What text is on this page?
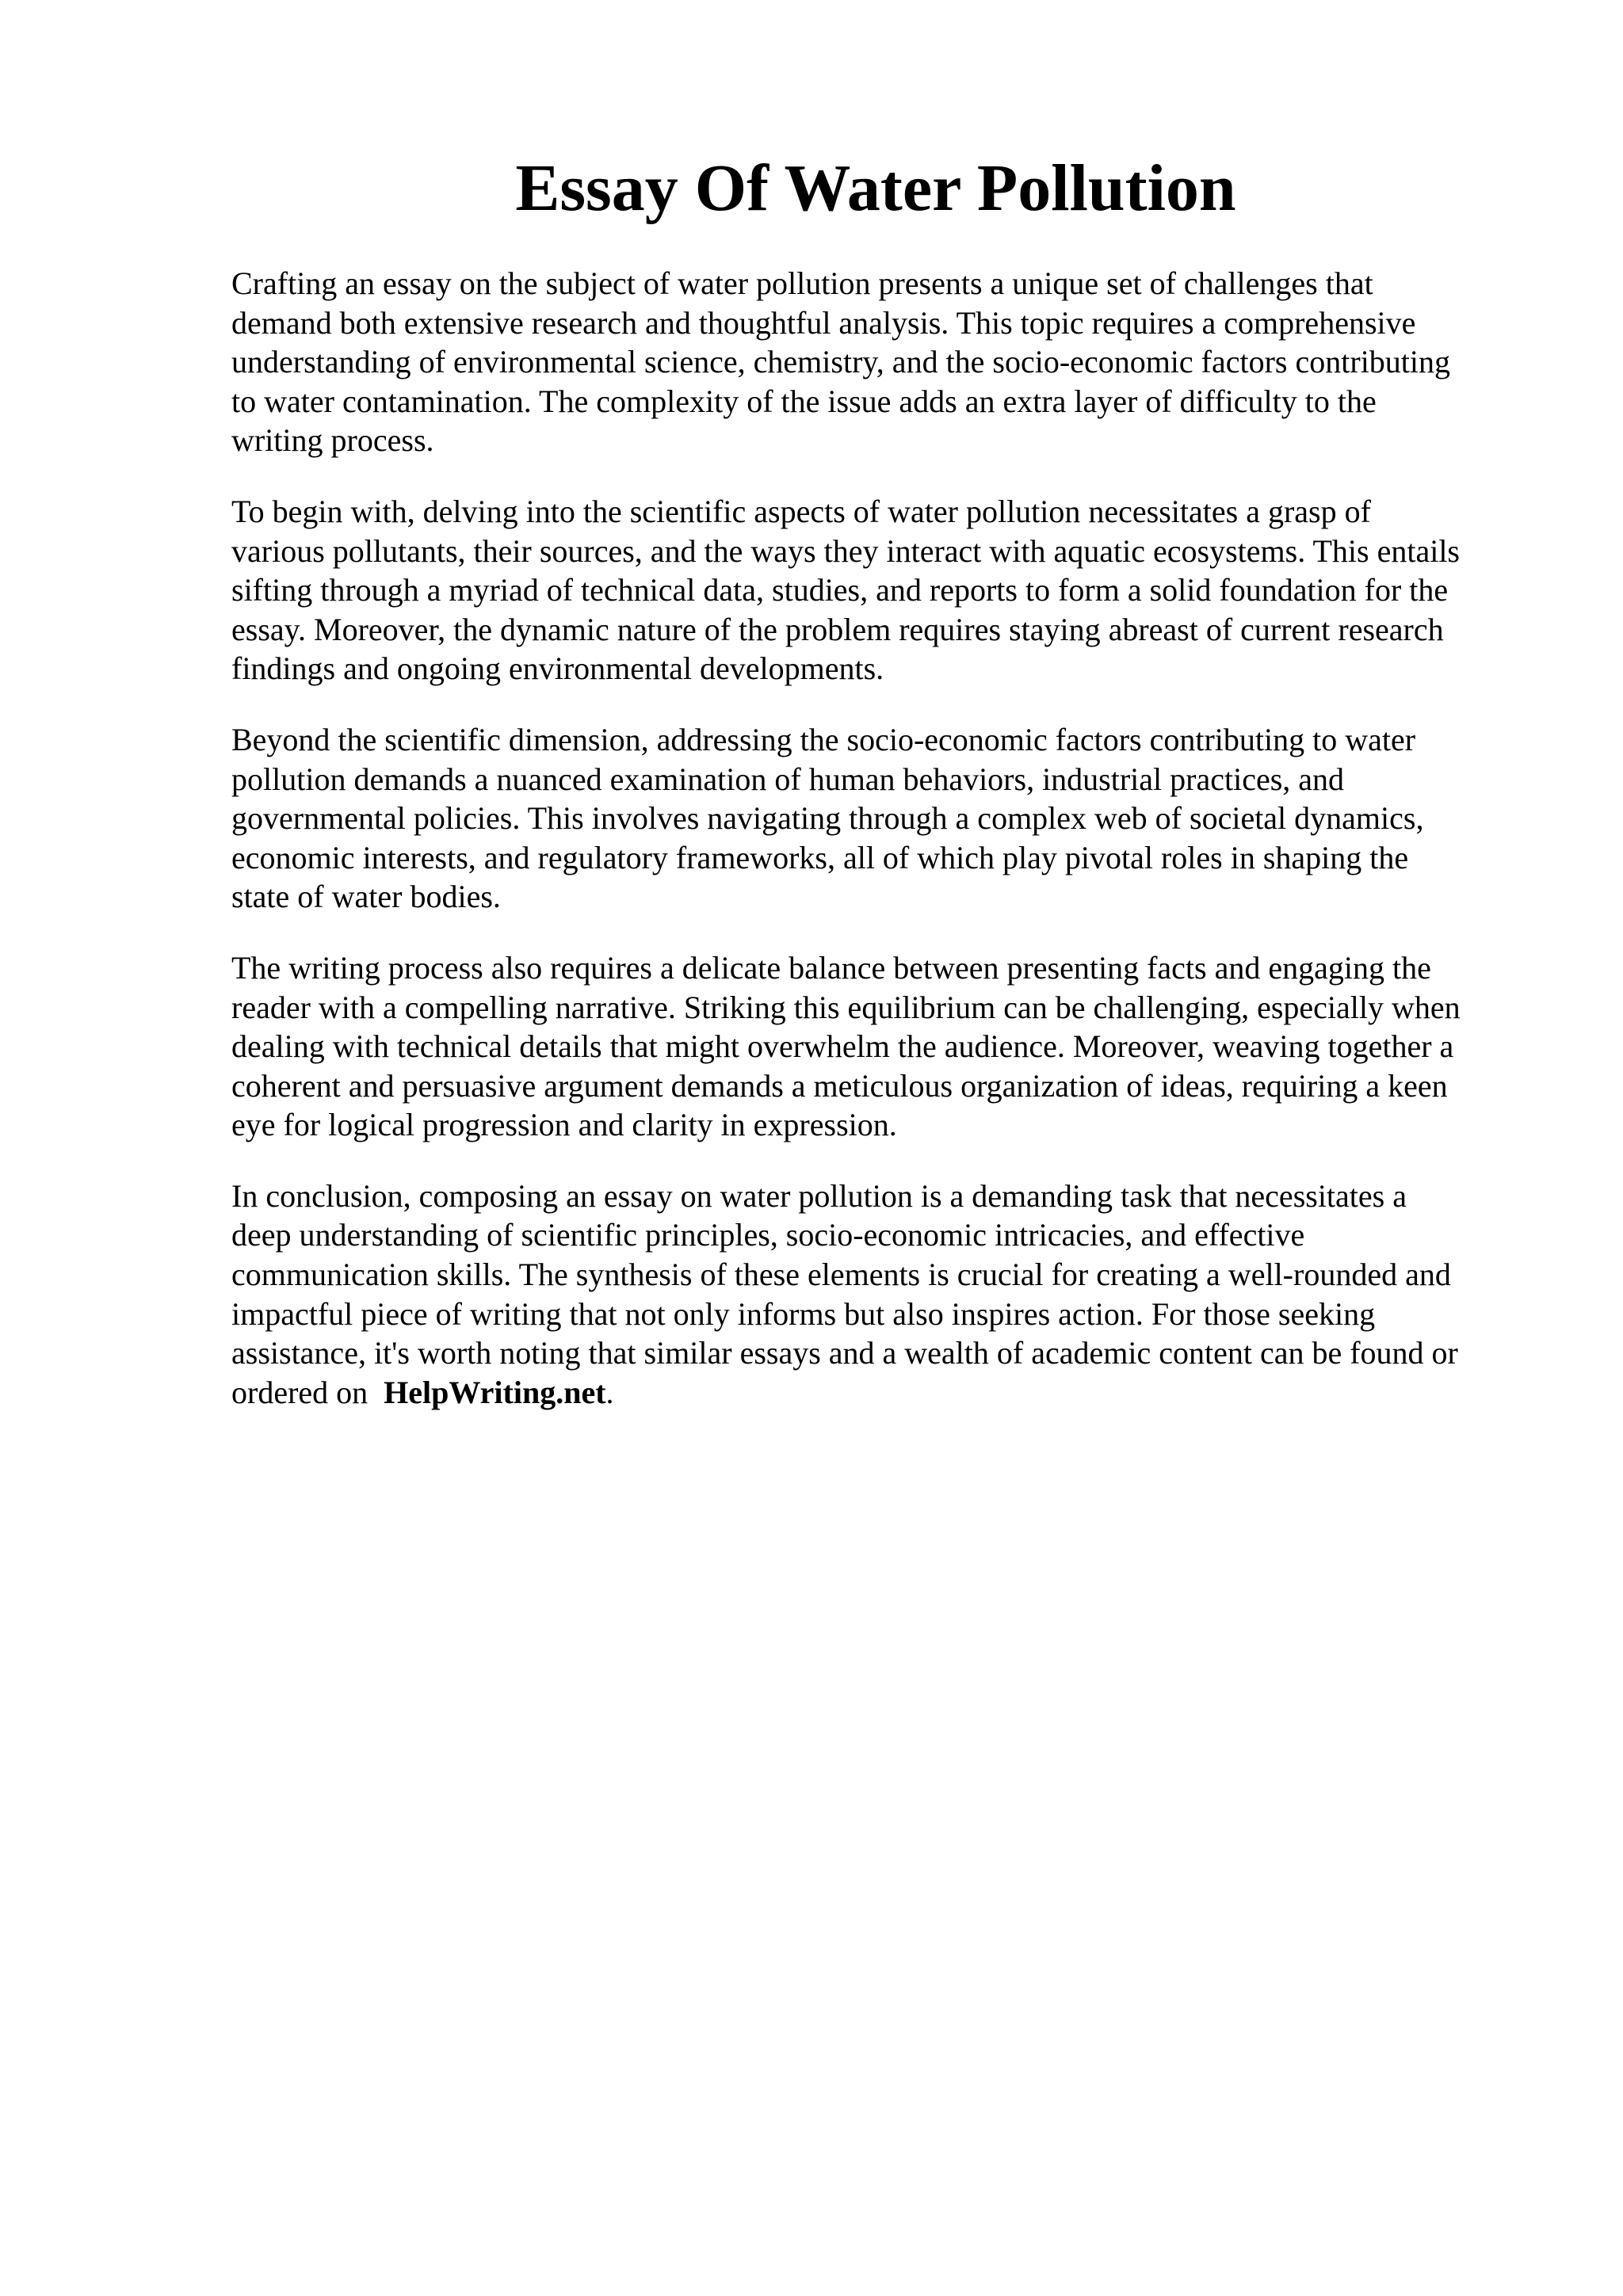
Essay Of Water Pollution

Crafting an essay on the subject of water pollution presents a unique set of challenges that
demand both extensive research and thoughtful analysis. This topic requires a comprehensive
understanding of environmental science, chemistry, and the socio-economic factors contributing
to water contamination. The complexity of the issue adds an extra layer of difficulty to the
writing process.

To begin with, delving into the scientific aspects of water pollution necessitates a grasp of
various pollutants, their sources, and the ways they interact with aquatic ecosystems. This entails
sifting through a myriad of technical data, studies, and reports to form a solid foundation for the
essay. Moreover, the dynamic nature of the problem requires staying abreast of current research
findings and ongoing environmental developments.

Beyond the scientific dimension, addressing the socio-economic factors contributing to water
pollution demands a nuanced examination of human behaviors, industrial practices, and
governmental policies. This involves navigating through a complex web of societal dynamics,
economic interests, and regulatory frameworks, all of which play pivotal roles in shaping the
state of water bodies.

The writing process also requires a delicate balance between presenting facts and engaging the
reader with a compelling narrative. Striking this equilibrium can be challenging, especially when
dealing with technical details that might overwhelm the audience. Moreover, weaving together a
coherent and persuasive argument demands a meticulous organization of ideas, requiring a keen
eye for logical progression and clarity in expression.

In conclusion, composing an essay on water pollution is a demanding task that necessitates a
deep understanding of scientific principles, socio-economic intricacies, and effective
communication skills. The synthesis of these elements is crucial for creating a well-rounded and
impactful piece of writing that not only informs but also inspires action. For those seeking
assistance, it's worth noting that similar essays and a wealth of academic content can be found or
ordered on  HelpWriting.net.
